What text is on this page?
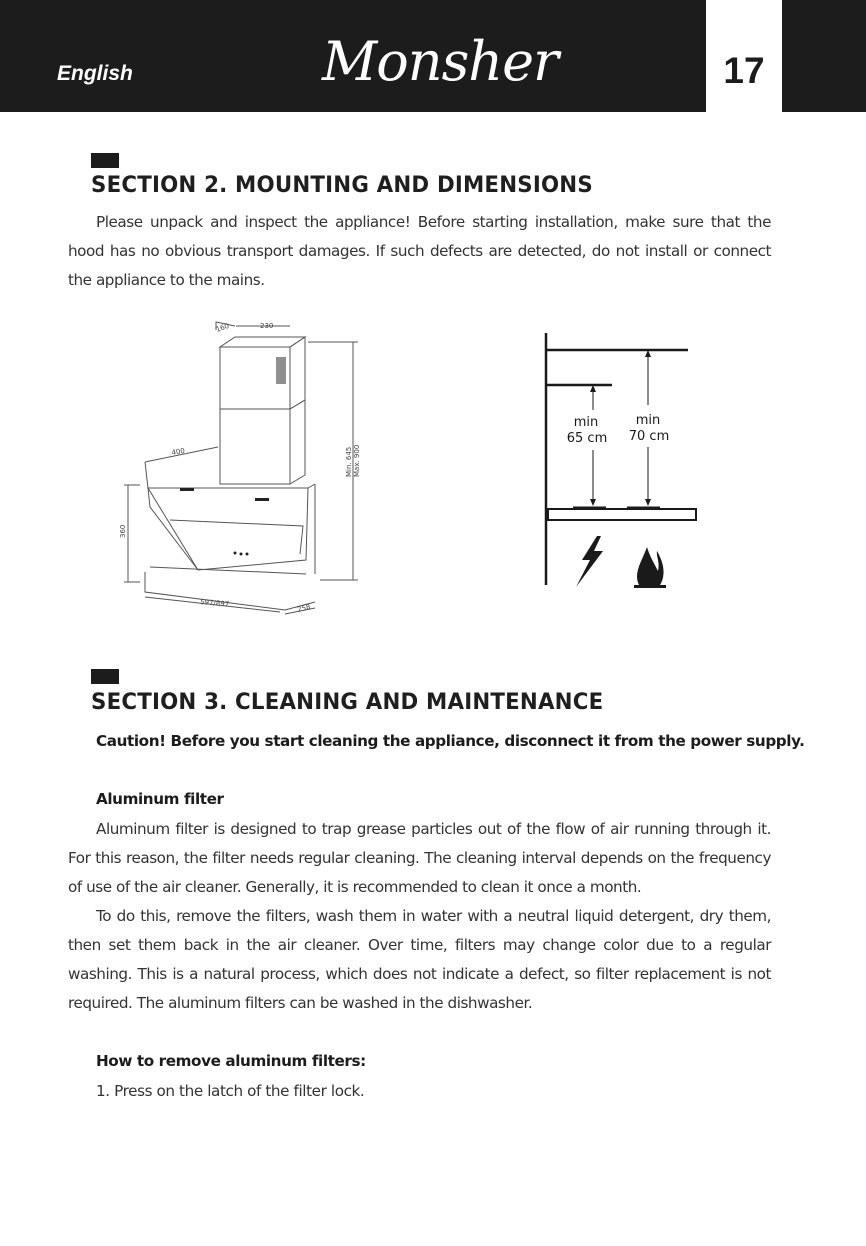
English	Monsher	17
SECTION 2. MOUNTING AND DIMENSIONS

Please unpack and inspect the appliance! Before starting installation, make sure that the hood has no obvious transport damages. If such defects are detected, do not install or connect the appliance to the mains.

160	230
400
360
597/897	258
Min. 645 Max. 900
min
65 cm
min
70 cm
SECTION 3. CLEANING AND MAINTENANCE

Caution! Before you start cleaning the appliance, disconnect it from the power supply.

Aluminum filter

Aluminum filter is designed to trap grease particles out of the flow of air running through it. For this reason, the filter needs regular cleaning. The cleaning interval depends on the frequency of use of the air cleaner. Generally, it is recommended to clean it once a month.

To do this, remove the filters, wash them in water with a neutral liquid detergent, dry them, then set them back in the air cleaner. Over time, filters may change color due to a regular washing. This is a natural process, which does not indicate a defect, so filter replacement is not required. The aluminum filters can be washed in the dishwasher.

How to remove aluminum filters:

1. Press on the latch of the filter lock.
